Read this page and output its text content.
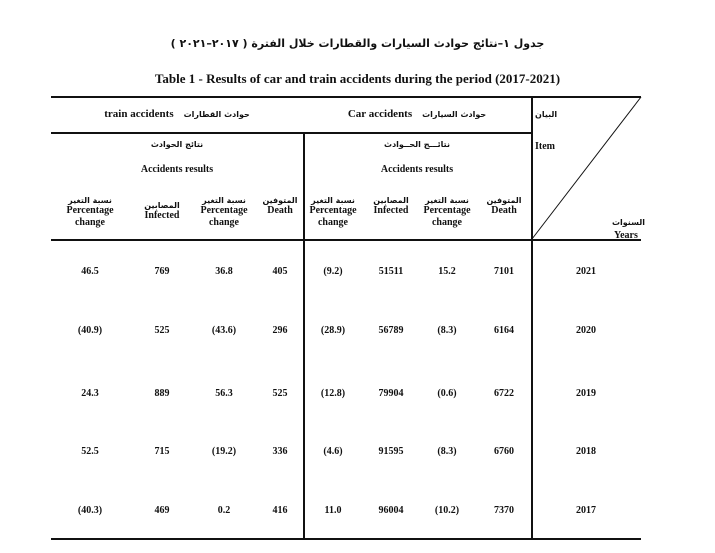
جدول ١–نتائج حوادث السيارات والقطارات خلال الفترة ( ٢٠١٧–٢٠٢١ )
Table 1 - Results of car and train accidents during the period (2017-2021)
البيان
Item
السنوات
Years
Car accidents حوادث السيارات
train accidents حوادث القطارات
نتائـــج الحــوادث
Accidents results
نتائج الحوادث
Accidents results
المتوفين
Death
نسبة التغير
Percentage
change
المصابين
Infected
نسبة التغير
Percentage
change
المتوفين
Death
نسبة التغير
Percentage
change
المصابين
Infected
نسبة التغير
Percentage
change
2021
7101
15.2
51511
(9.2)
405
36.8
769
46.5
2020
6164
(8.3)
56789
(28.9)
296
(43.6)
525
(40.9)
2019
6722
(0.6)
79904
(12.8)
525
56.3
889
24.3
2018
6760
(8.3)
91595
(4.6)
336
(19.2)
715
52.5
2017
7370
(10.2)
96004
11.0
416
0.2
469
(40.3)
